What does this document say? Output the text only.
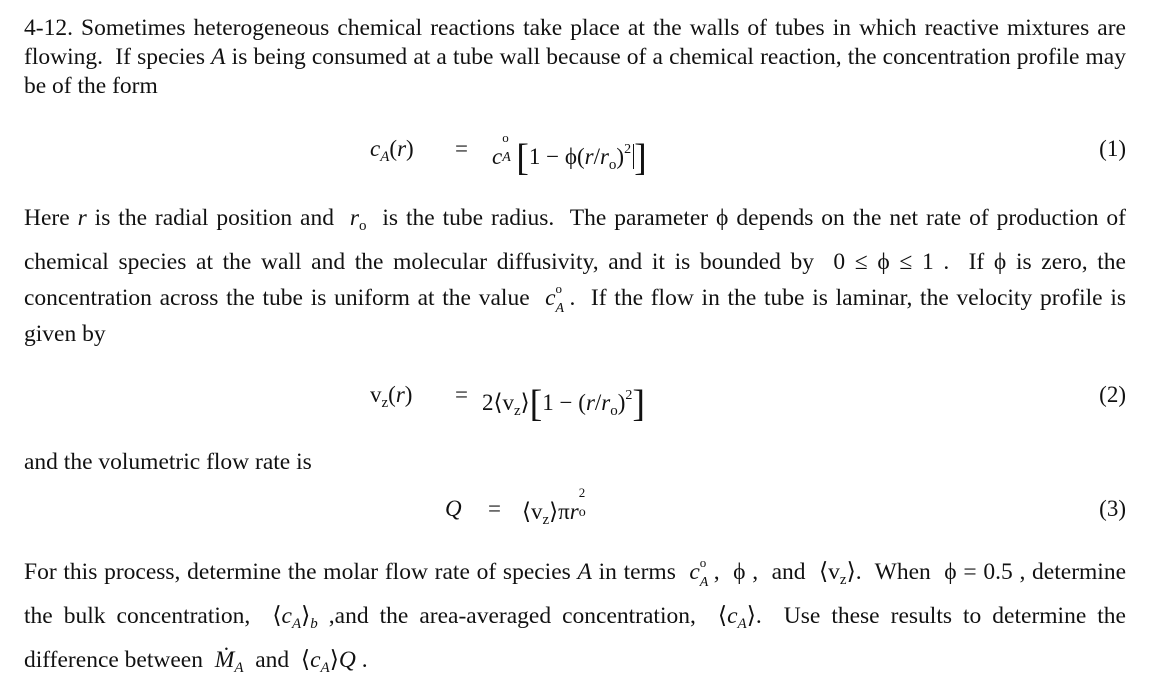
4-12. Sometimes heterogeneous chemical reactions take place at the walls of tubes in which reactive mixtures are flowing.  If species A is being consumed at a tube wall because of a chemical reaction, the concentration profile may be of the form

$c_A(r) = c$
o
A $[1 - \phi(r/r_o)^2]$	(1)

Here r is the radial position and  $r_o$  is the tube radius.  The parameter ϕ depends on the net rate of production of chemical species at the wall and the molecular diffusivity, and it is bounded by  0 ≤ ϕ ≤ 1 .  If ϕ is zero, the concentration across the tube is uniform at the value  c o
A .  If the flow in the tube is laminar, the velocity profile is given by

$v_z(r)$ = $2⟨v_z⟩[1 - (r/r_o)^2]$	(2)

and the volumetric flow rate is

$Q = ⟨v_z⟩\pi r$
2
o	(3)

For this process, determine the molar flow rate of species A in terms  c o
A ,  ϕ ,  and  $⟨v_z⟩$.  When  ϕ = 0.5 , determine the bulk concentration,  $⟨c_A⟩_b$ ,and the area-averaged concentration,  $⟨c_A⟩$.  Use these results to determine the difference between  Ṁ$_A$  and  $⟨c_A⟩Q$ .
